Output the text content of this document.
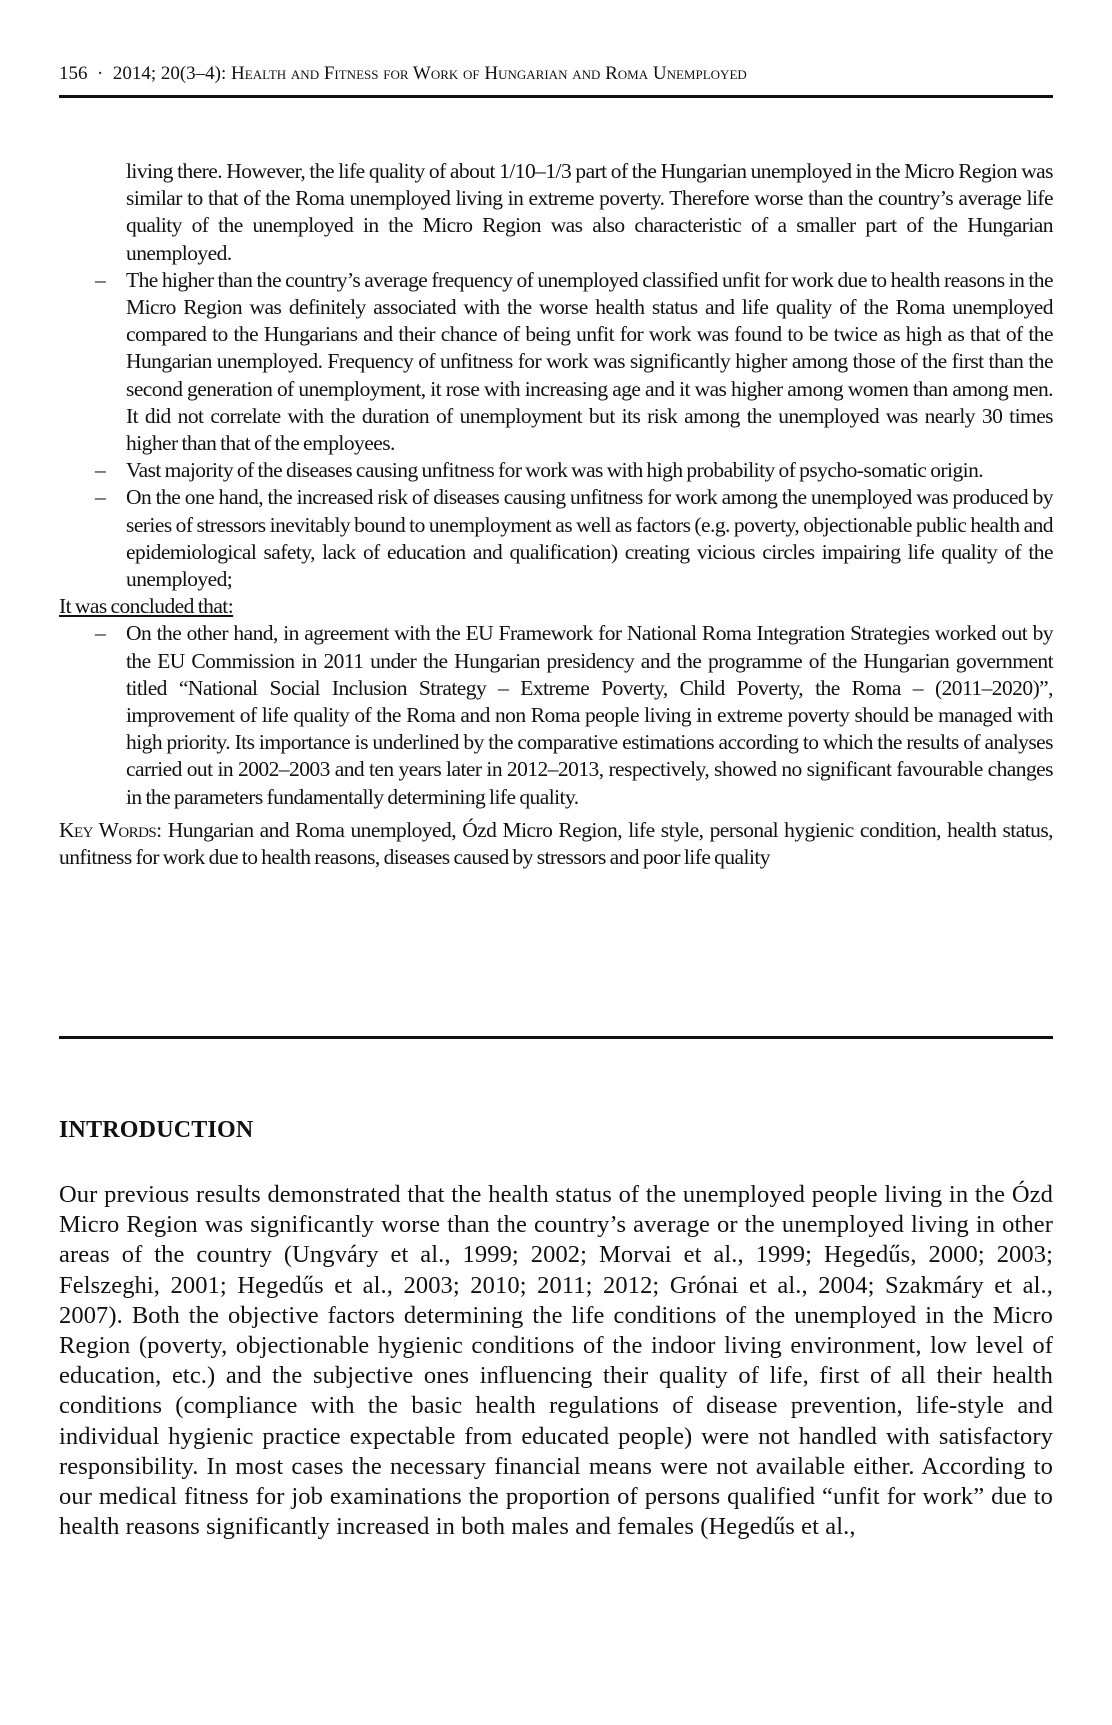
156 · 2014; 20(3–4): Health and Fitness for Work of Hungarian and Roma Unemployed

living there. However, the life quality of about 1/10–1/3 part of the Hungarian unemployed in the Micro Region was similar to that of the Roma unemployed living in extreme poverty. Therefore worse than the country’s average life quality of the unemployed in the Micro Region was also characteristic of a smaller part of the Hungarian unemployed.

– The higher than the country’s average frequency of unemployed classified unfit for work due to health reasons in the Micro Region was definitely associated with the worse health status and life quality of the Roma unemployed compared to the Hungarians and their chance of being unfit for work was found to be twice as high as that of the Hungarian unemployed. Frequency of unfitness for work was significantly higher among those of the first than the second generation of unemployment, it rose with increasing age and it was higher among women than among men. It did not correlate with the duration of unemployment but its risk among the unemployed was nearly 30 times higher than that of the employees.

– Vast majority of the diseases causing unfitness for work was with high probability of psycho-somatic origin.

– On the one hand, the increased risk of diseases causing unfitness for work among the unemployed was produced by series of stressors inevitably bound to unemployment as well as factors (e.g. poverty, objectionable public health and epidemiological safety, lack of education and qualification) creating vicious circles impairing life quality of the unemployed;

It was concluded that:

– On the other hand, in agreement with the EU Framework for National Roma Integration Strategies worked out by the EU Commission in 2011 under the Hungarian presidency and the programme of the Hungarian government titled “National Social Inclusion Strategy – Extreme Poverty, Child Poverty, the Roma – (2011–2020)”, improvement of life quality of the Roma and non Roma people living in extreme poverty should be managed with high priority. Its importance is underlined by the comparative estimations according to which the results of analyses carried out in 2002–2003 and ten years later in 2012–2013, respectively, showed no significant favourable changes in the parameters fundamentally determining life quality.

Key Words: Hungarian and Roma unemployed, Ózd Micro Region, life style, personal hygienic condition, health status, unfitness for work due to health reasons, diseases caused by stressors and poor life quality

INTRODUCTION

Our previous results demonstrated that the health status of the unemployed people living in the Ózd Micro Region was significantly worse than the country’s average or the unemployed living in other areas of the country (Ungváry et al., 1999; 2002; Morvai et al., 1999; Hegedűs, 2000; 2003; Felszeghi, 2001; Hegedűs et al., 2003; 2010; 2011; 2012; Grónai et al., 2004; Szakmáry et al., 2007). Both the objective factors determining the life conditions of the unemployed in the Micro Region (poverty, objectionable hygienic conditions of the indoor living environment, low level of education, etc.) and the subjective ones influencing their quality of life, first of all their health conditions (compliance with the basic health regulations of disease prevention, life-style and individual hygienic practice expectable from educated people) were not handled with satisfactory responsibility. In most cases the necessary financial means were not available either. According to our medical fitness for job examinations the proportion of persons qualified “unfit for work” due to health reasons significantly increased in both males and females (Hegedűs et al.,
